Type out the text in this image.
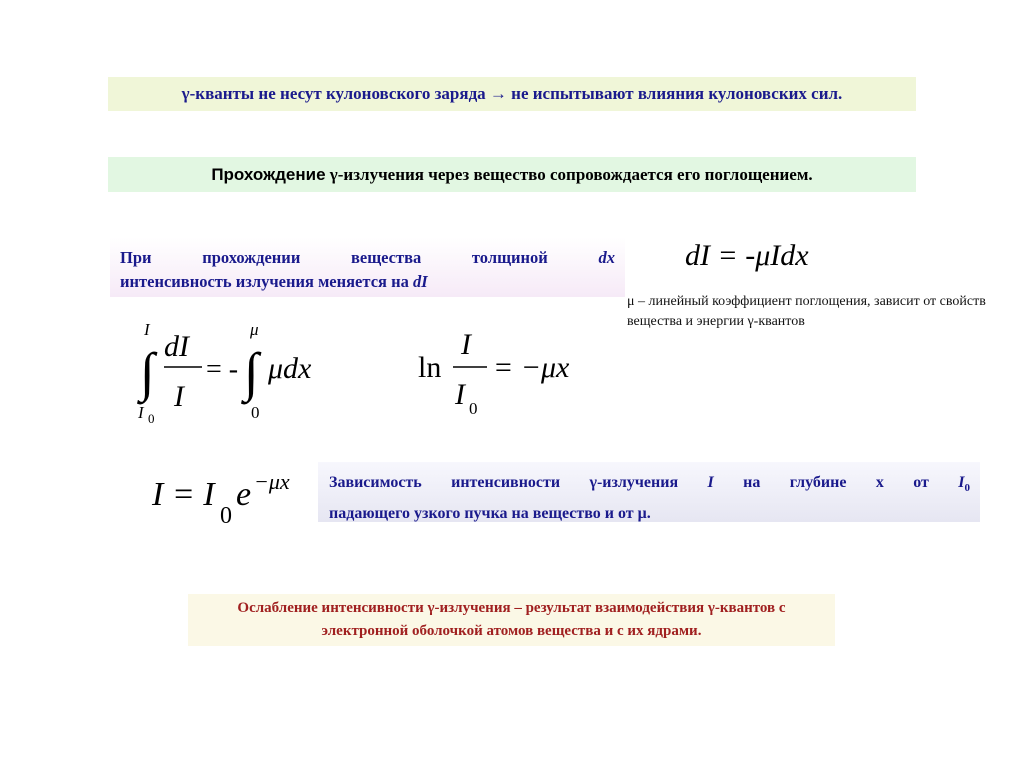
γ-кванты не несут кулоновского заряда → не испытывают влияния кулоновских сил.
Прохождение
γ-излучения через вещество сопровождается его поглощением.
При	прохождении	вещества	толщиной	dx
интенсивность излучения меняется на dI
dI = -μIdx
μ – линейный коэффициент поглощения, зависит от свойств вещества и энергии γ-квантов
∫
I
I 0
dI
I
= - ∫
μ
0
μdx	ln
I
I 0
= −μx
I = I
0
e −μx Зависимость интенсивности γ-излучения I на глубине х от $I_0$
падающего узкого пучка на вещество и от μ.
Ослабление интенсивности γ-излучения – результат взаимодействия γ-квантов с
электронной оболочкой атомов вещества и с их ядрами.
